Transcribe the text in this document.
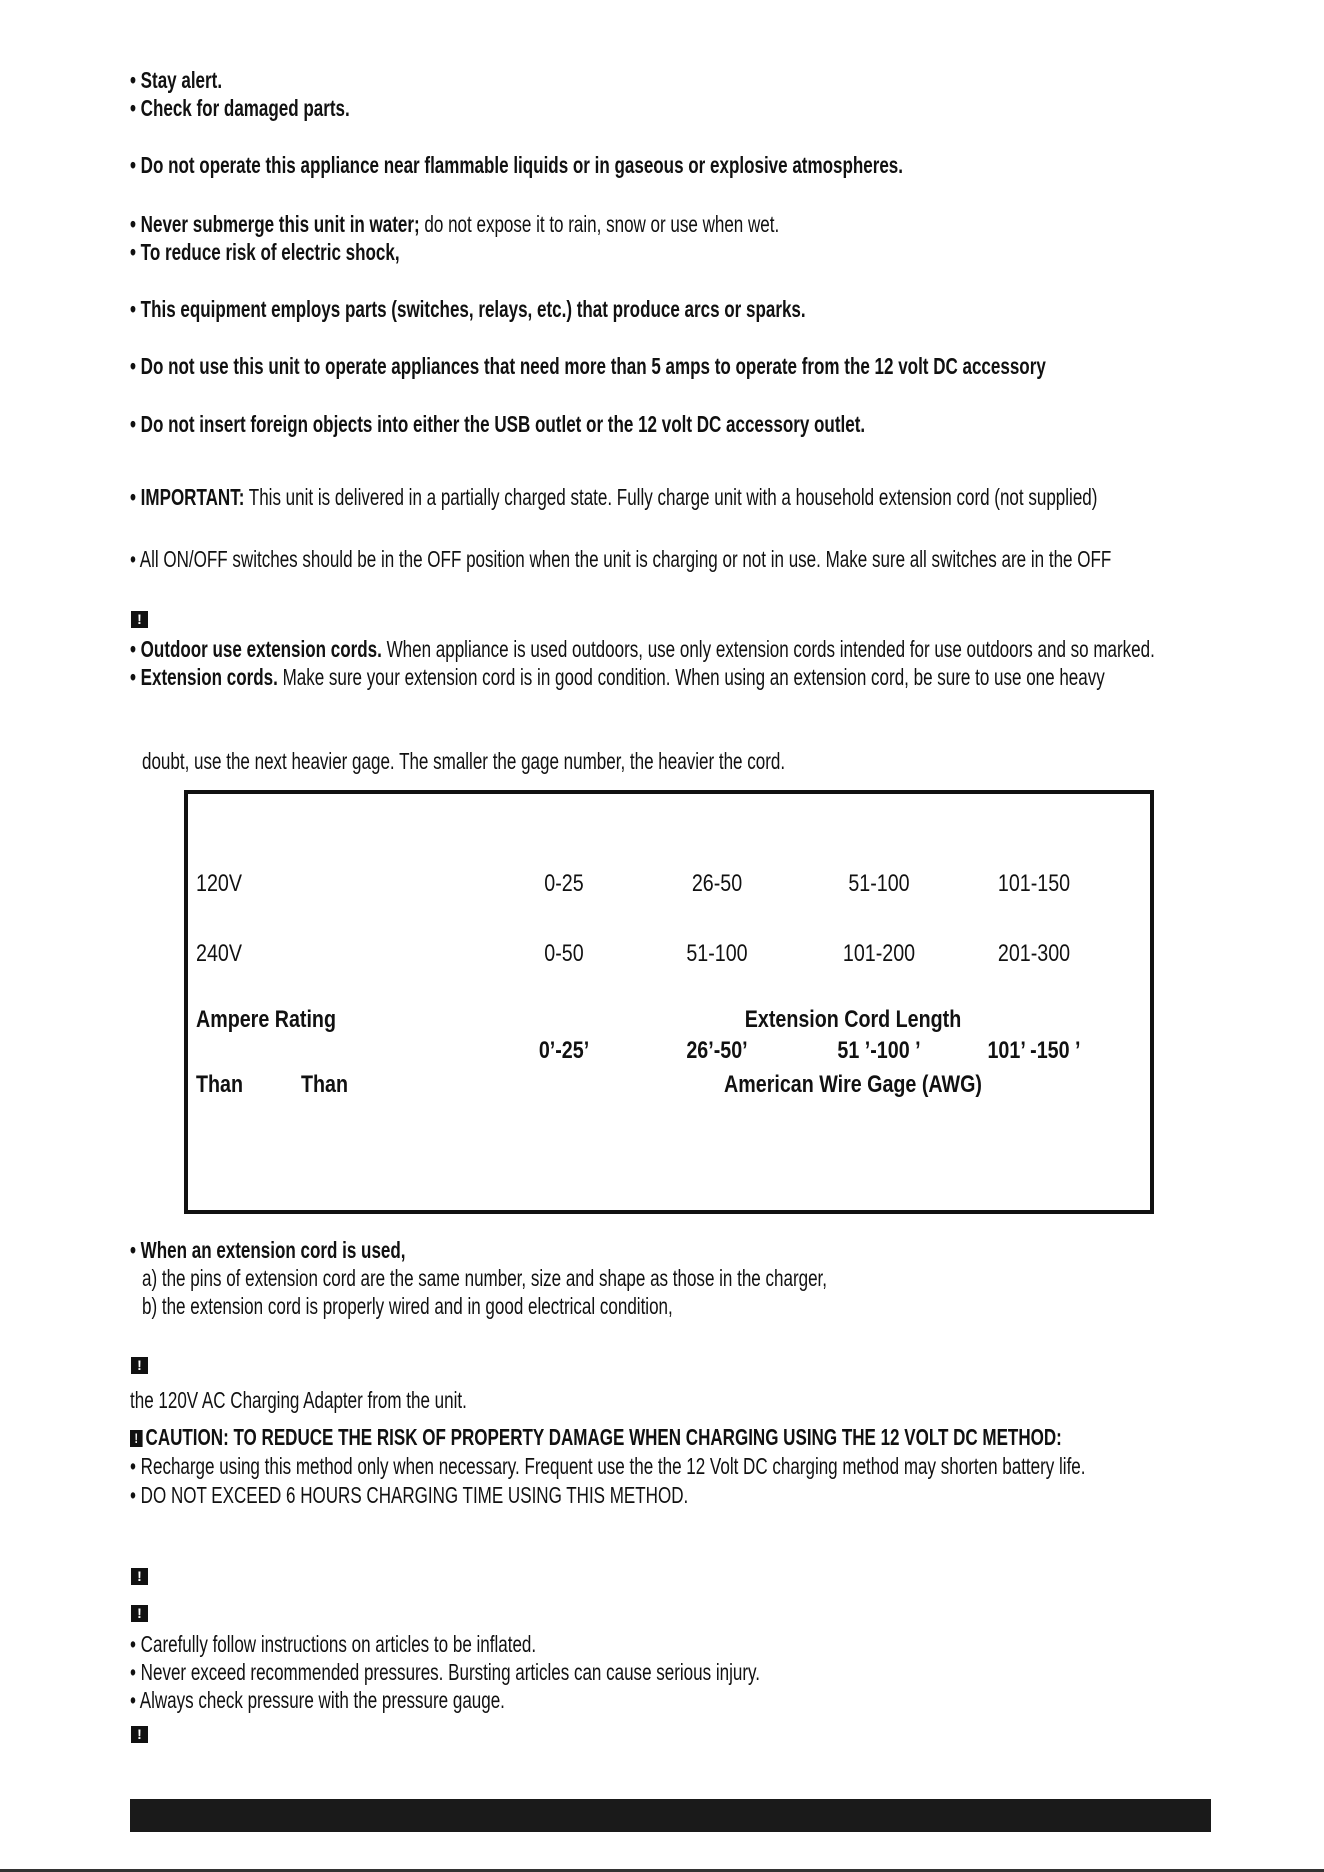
• Stay alert.
• Check for damaged parts.
• Do not operate this appliance near flammable liquids or in gaseous or explosive atmospheres.
• Never submerge this unit in water; do not expose it to rain, snow or use when wet.
• To reduce risk of electric shock,
• This equipment employs parts (switches, relays, etc.) that produce arcs or sparks.
• Do not use this unit to operate appliances that need more than 5 amps to operate from the 12 volt DC accessory
• Do not insert foreign objects into either the USB outlet or the 12 volt DC accessory outlet.
• IMPORTANT: This unit is delivered in a partially charged state. Fully charge unit with a household extension cord (not supplied)
• All ON/OFF switches should be in the OFF position when the unit is charging or not in use. Make sure all switches are in the OFF
!
• Outdoor use extension cords. When appliance is used outdoors, use only extension cords intended for use outdoors and so marked.
• Extension cords. Make sure your extension cord is in good condition. When using an extension cord, be sure to use one heavy
doubt, use the next heavier gage. The smaller the gage number, the heavier the cord.
120V	0-25	26-50	51-100	101-150
240V	0-50	51-100	101-200	201-300
Ampere Rating	Extension Cord Length
0’-25’	26’-50’	51 ’-100 ’	101’ -150 ’
Than Than	American Wire Gage (AWG)
• When an extension cord is used,
a) the pins of extension cord are the same number, size and shape as those in the charger,
b) the extension cord is properly wired and in good electrical condition,
!
the 120V AC Charging Adapter from the unit.
! CAUTION: TO REDUCE THE RISK OF PROPERTY DAMAGE WHEN CHARGING USING THE 12 VOLT DC METHOD:
• Recharge using this method only when necessary. Frequent use the the 12 Volt DC charging method may shorten battery life.
• DO NOT EXCEED 6 HOURS CHARGING TIME USING THIS METHOD.
!
!
• Carefully follow instructions on articles to be inflated.
• Never exceed recommended pressures. Bursting articles can cause serious injury.
• Always check pressure with the pressure gauge.
!
